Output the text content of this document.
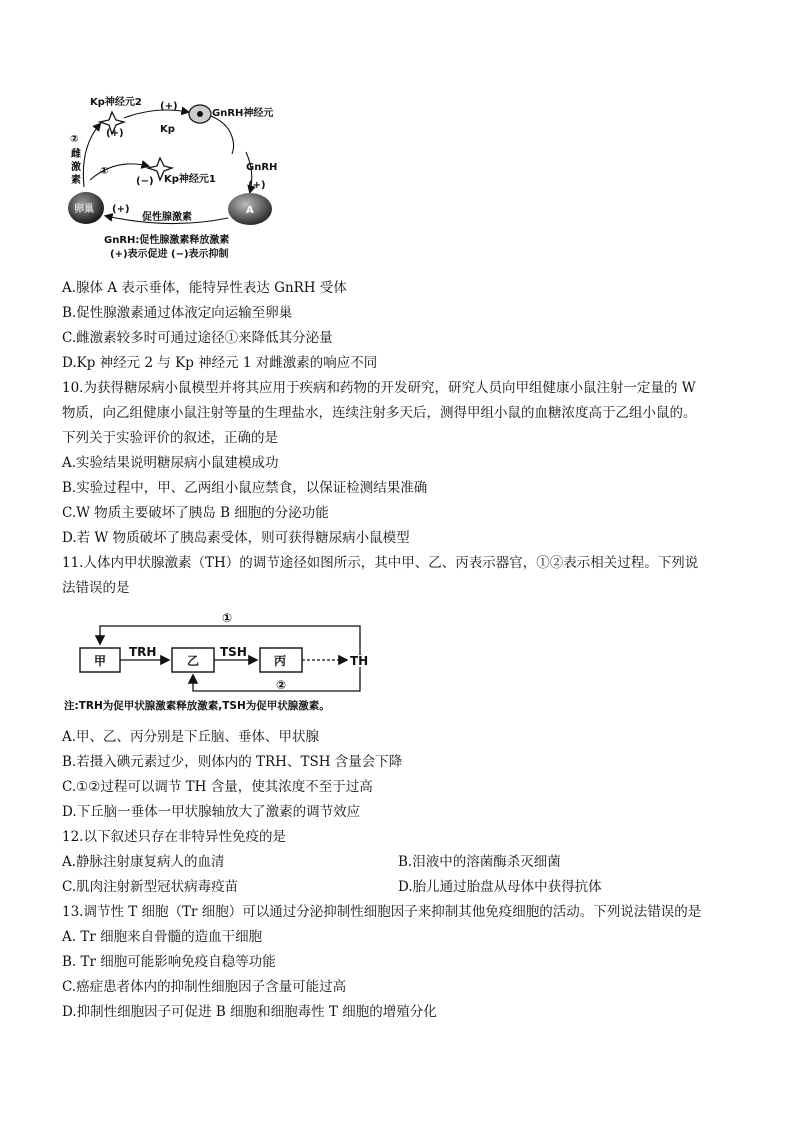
Kp神经元2
GnRH神经元
(+)
Kp
(+)
②
雌
激
素	Kp神经元1
①
(−)
GnRH
(+)
卵巢	A
(+)
促性腺激素
GnRH:促性腺激素释放激素
(+)表示促进 (−)表示抑制
A.腺体 A 表示垂体，能特异性表达 GnRH 受体
B.促性腺激素通过体液定向运输至卵巢
C.雌激素较多时可通过途径①来降低其分泌量
D.Kp 神经元 2 与 Kp 神经元 1 对雌激素的响应不同
10.为获得糖尿病小鼠模型并将其应用于疾病和药物的开发研究，研究人员向甲组健康小鼠注射一定量的 W
物质，向乙组健康小鼠注射等量的生理盐水，连续注射多天后，测得甲组小鼠的血糖浓度高于乙组小鼠的。
下列关于实验评价的叙述，正确的是
A.实验结果说明糖尿病小鼠建模成功
B.实验过程中，甲、乙两组小鼠应禁食，以保证检测结果准确
C.W 物质主要破坏了胰岛 B 细胞的分泌功能
D.若 W 物质破坏了胰岛素受体，则可获得糖尿病小鼠模型
11.人体内甲状腺激素（TH）的调节途径如图所示，其中甲、乙、丙表示器官，①②表示相关过程。下列说
法错误的是
①
甲	乙	丙
TRH	TSH
TH
②
注:TRH为促甲状腺激素释放激素,TSH为促甲状腺激素。
A.甲、乙、丙分别是下丘脑、垂体、甲状腺
B.若摄入碘元素过少，则体内的 TRH、TSH 含量会下降
C.①②过程可以调节 TH 含量，使其浓度不至于过高
D.下丘脑一垂体一甲状腺轴放大了激素的调节效应
12.以下叙述只存在非特异性免疫的是
A.静脉注射康复病人的血清	B.泪液中的溶菌酶杀灭细菌
C.肌肉注射新型冠状病毒疫苗	D.胎儿通过胎盘从母体中获得抗体
13.调节性 T 细胞（Tr 细胞）可以通过分泌抑制性细胞因子来抑制其他免疫细胞的活动。下列说法错误的是
A. Tr 细胞来自骨髓的造血干细胞
B. Tr 细胞可能影响免疫自稳等功能
C.癌症患者体内的抑制性细胞因子含量可能过高
D.抑制性细胞因子可促进 B 细胞和细胞毒性 T 细胞的增殖分化
